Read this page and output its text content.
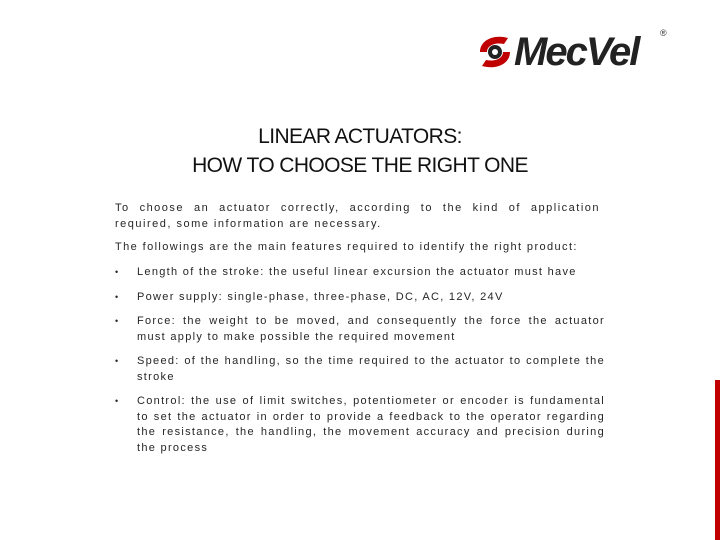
MecVel ®
LINEAR ACTUATORS:
HOW TO CHOOSE THE RIGHT ONE

To choose an actuator correctly, according to the kind of application required, some information are necessary.

The followings are the main features required to identify the right product:

• Length of the stroke: the useful linear excursion the actuator must have
• Power supply: single-phase, three-phase, DC, AC, 12V, 24V
• Force: the weight to be moved, and consequently the force the actuator must apply to make possible the required movement
• Speed: of the handling, so the time required to the actuator to complete the stroke
• Control: the use of limit switches, potentiometer or encoder is fundamental to set the actuator in order to provide a feedback to the operator regarding the resistance, the handling, the movement accuracy and precision during the process
